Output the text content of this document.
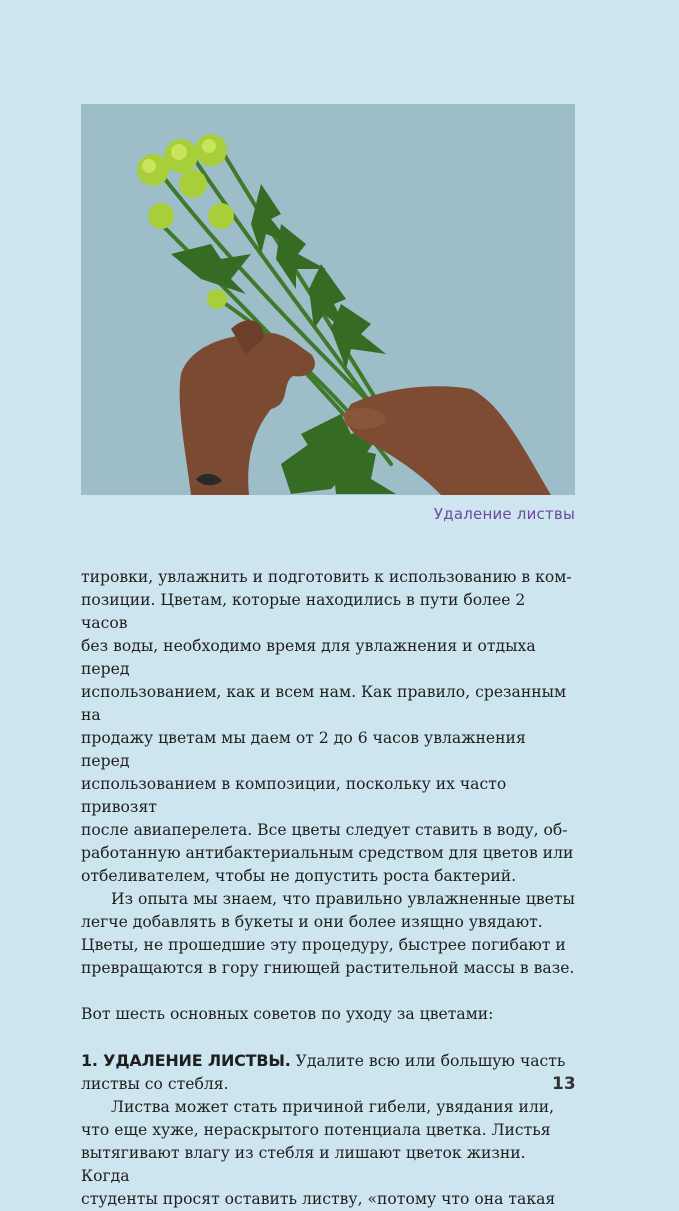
Удаление листвы

тировки, увлажнить и подготовить к использованию в ком-
позиции. Цветам, которые находились в пути более 2 часов
без воды, необходимо время для увлажнения и отдыха перед
использованием, как и всем нам. Как правило, срезанным на
продажу цветам мы даем от 2 до 6 часов увлажнения перед
использованием в композиции, поскольку их часто привозят
после авиаперелета. Все цветы следует ставить в воду, об-
работанную антибактериальным средством для цветов или
отбеливателем, чтобы не допустить роста бактерий.

Из опыта мы знаем, что правильно увлажненные цветы
легче добавлять в букеты и они более изящно увядают.
Цветы, не прошедшие эту процедуру, быстрее погибают и
превращаются в гору гниющей растительной массы в вазе.

Вот шесть основных советов по уходу за цветами:

1. УДАЛЕНИЕ ЛИСТВЫ. Удалите всю или большую часть
листвы со стебля.

Листва может стать причиной гибели, увядания или,
что еще хуже, нераскрытого потенциала цветка. Листья
вытягивают влагу из стебля и лишают цветок жизни. Когда
студенты просят оставить листву, «потому что она такая

13
